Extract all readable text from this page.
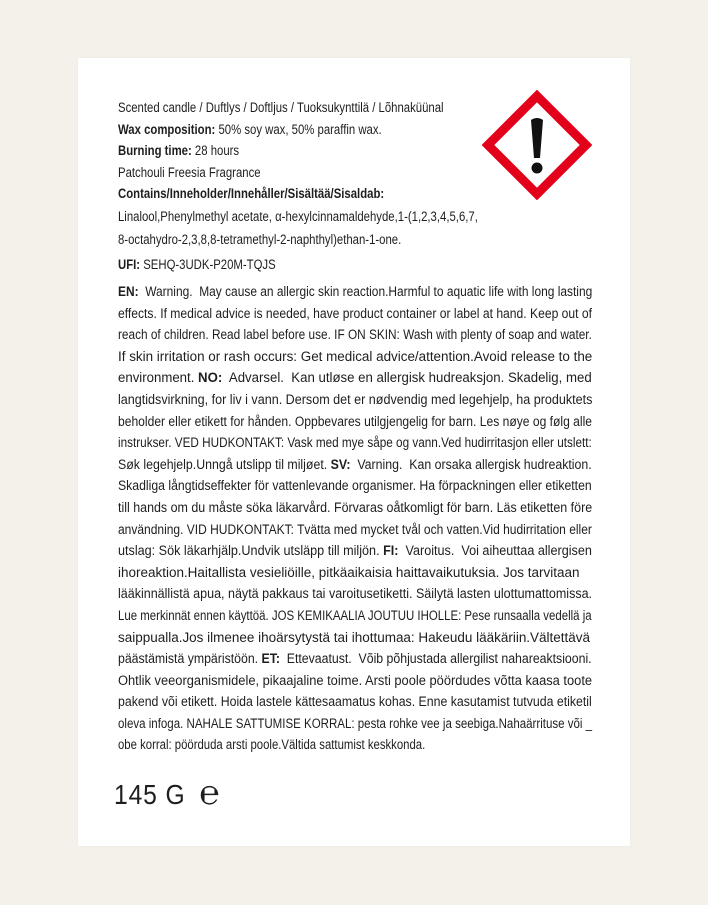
Scented candle / Duftlys / Doftljus / Tuoksukynttilä / Lõhnaküünal
Wax composition: 50% soy wax, 50% paraffin wax.
Burning time: 28 hours
Patchouli Freesia Fragrance
Contains/Inneholder/Innehåller/Sisältää/Sisaldab:
Linalool,Phenylmethyl acetate, α-hexylcinnamaldehyde,1-(1,2,3,4,5,6,7,
8-octahydro-2,3,8,8-tetramethyl-2-naphthyl)ethan-1-one.
UFI: SEHQ-3UDK-P20M-TQJS
EN:  Warning.  May cause an allergic skin reaction.Harmful to aquatic life with long lasting
effects. If medical advice is needed, have product container or label at hand. Keep out of
reach of children. Read label before use. IF ON SKIN: Wash with plenty of soap and water.
If skin irritation or rash occurs: Get medical advice/attention.Avoid release to the
environment. NO:  Advarsel.  Kan utløse en allergisk hudreaksjon. Skadelig, med
langtidsvirkning, for liv i vann. Dersom det er nødvendig med legehjelp, ha produktets
beholder eller etikett for hånden. Oppbevares utilgjengelig for barn. Les nøye og følg alle
instrukser. VED HUDKONTAKT: Vask med mye såpe og vann.Ved hudirritasjon eller utslett:
Søk legehjelp.Unngå utslipp til miljøet. SV:  Varning.  Kan orsaka allergisk hudreaktion.
Skadliga långtidseffekter för vattenlevande organismer. Ha förpackningen eller etiketten
till hands om du måste söka läkarvård. Förvaras oåtkomligt för barn. Läs etiketten före
användning. VID HUDKONTAKT: Tvätta med mycket tvål och vatten.Vid hudirritation eller
utslag: Sök läkarhjälp.Undvik utsläpp till miljön. FI:  Varoitus.  Voi aiheuttaa allergisen
ihoreaktion.Haitallista vesieliöille, pitkäaikaisia haittavaikutuksia. Jos tarvitaan
lääkinnällistä apua, näytä pakkaus tai varoitusetiketti. Säilytä lasten ulottumattomissa.
Lue merkinnät ennen käyttöä. JOS KEMIKAALIA JOUTUU IHOLLE: Pese runsaalla vedellä ja
saippualla.Jos ilmenee ihoärsytystä tai ihottumaa: Hakeudu lääkäriin.Vältettävä
päästämistä ympäristöön. ET:  Ettevaatust.  Võib põhjustada allergilist nahareaktsiooni.
Ohtlik veeorganismidele, pikaajaline toime. Arsti poole pöördudes võtta kaasa toote
pakend või etikett. Hoida lastele kättesaamatus kohas. Enne kasutamist tutvuda etiketil
oleva infoga. NAHALE SATTUMISE KORRAL: pesta rohke vee ja seebiga.Nahaärrituse või _
obe korral: pöörduda arsti poole.Vältida sattumist keskkonda.
145 G ℮
